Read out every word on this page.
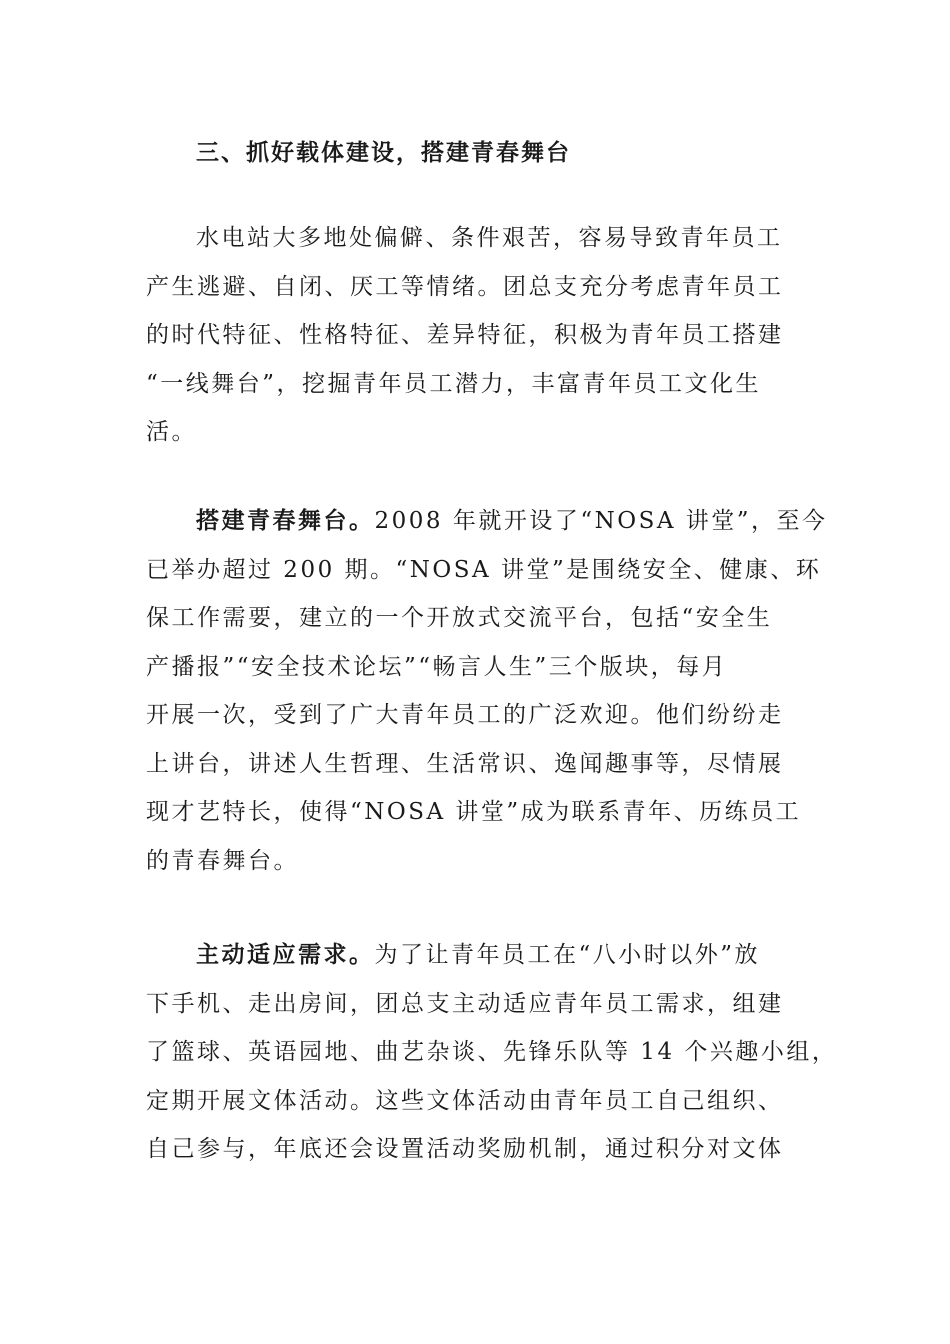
三、抓好载体建设，搭建青春舞台
水电站大多地处偏僻、条件艰苦，容易导致青年员工
产生逃避、自闭、厌工等情绪。团总支充分考虑青年员工
的时代特征、性格特征、差异特征，积极为青年员工搭建
“一线舞台”，挖掘青年员工潜力，丰富青年员工文化生
活。
搭建青春舞台。2008 年就开设了“NOSA 讲堂”，至今
已举办超过 200 期。“NOSA 讲堂”是围绕安全、健康、环
保工作需要，建立的一个开放式交流平台，包括“安全生
产播报”“安全技术论坛”“畅言人生”三个版块，每月
开展一次，受到了广大青年员工的广泛欢迎。他们纷纷走
上讲台，讲述人生哲理、生活常识、逸闻趣事等，尽情展
现才艺特长，使得“NOSA 讲堂”成为联系青年、历练员工
的青春舞台。
主动适应需求。为了让青年员工在“八小时以外”放
下手机、走出房间，团总支主动适应青年员工需求，组建
了篮球、英语园地、曲艺杂谈、先锋乐队等 14 个兴趣小组，
定期开展文体活动。这些文体活动由青年员工自己组织、
自己参与，年底还会设置活动奖励机制，通过积分对文体
